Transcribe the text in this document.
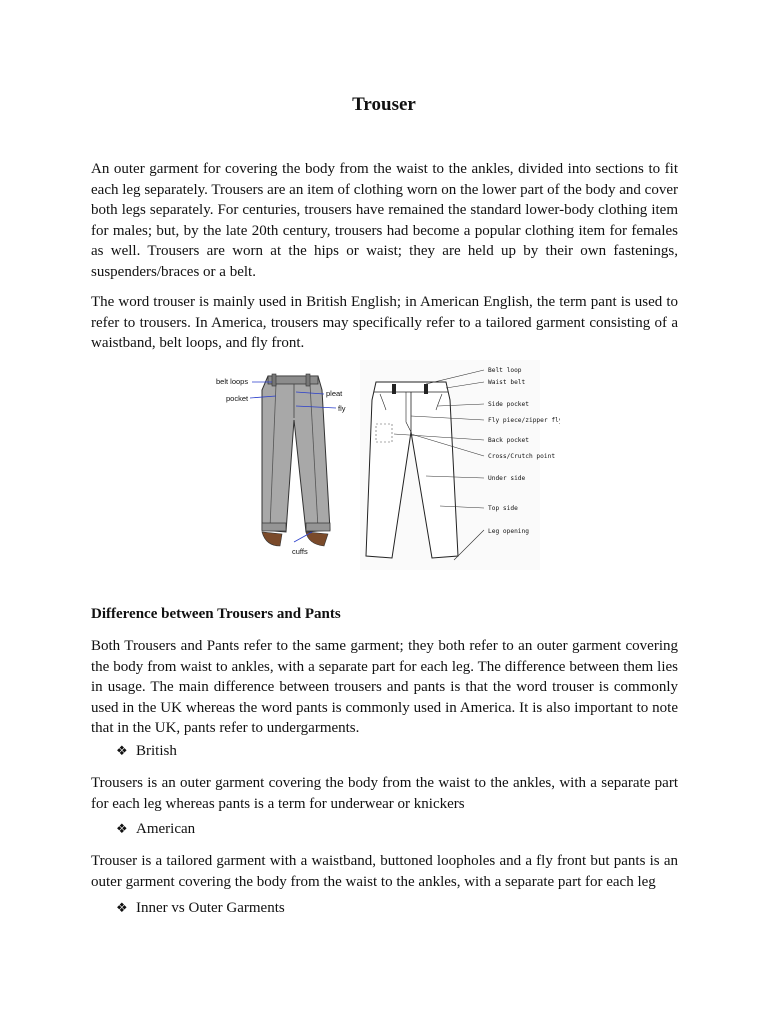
Trouser

An outer garment for covering the body from the waist to the ankles, divided into sections to fit each leg separately. Trousers are an item of clothing worn on the lower part of the body and cover both legs separately. For centuries, trousers have remained the standard lower-body clothing item for males; but, by the late 20th century, trousers had become a popular clothing item for females as well. Trousers are worn at the hips or waist; they are held up by their own fastenings, suspenders/braces or a belt.

The word trouser is mainly used in British English; in American English, the term pant is used to refer to trousers. In America, trousers may specifically refer to a tailored garment consisting of a waistband, belt loops, and fly front.

belt loops
pocket
pleat
fly
cuffs
Belt loop
Waist belt
Side pocket
Fly piece/zipper fly
Back pocket
Cross/Crutch point
Under side
Top side
Leg opening
Difference between Trousers and Pants

Both Trousers and Pants refer to the same garment; they both refer to an outer garment covering the body from waist to ankles, with a separate part for each leg. The difference between them lies in usage. The main difference between trousers and pants is that the word trouser is commonly used in the UK whereas the word pants is commonly used in America. It is also important to note that in the UK, pants refer to undergarments.

❖ British

Trousers is an outer garment covering the body from the waist to the ankles, with a separate part for each leg whereas pants is a term for underwear or knickers

❖ American

Trouser is a tailored garment with a waistband, buttoned loopholes and a fly front but pants is an outer garment covering the body from the waist to the ankles, with a separate part for each leg

❖ Inner vs Outer Garments
